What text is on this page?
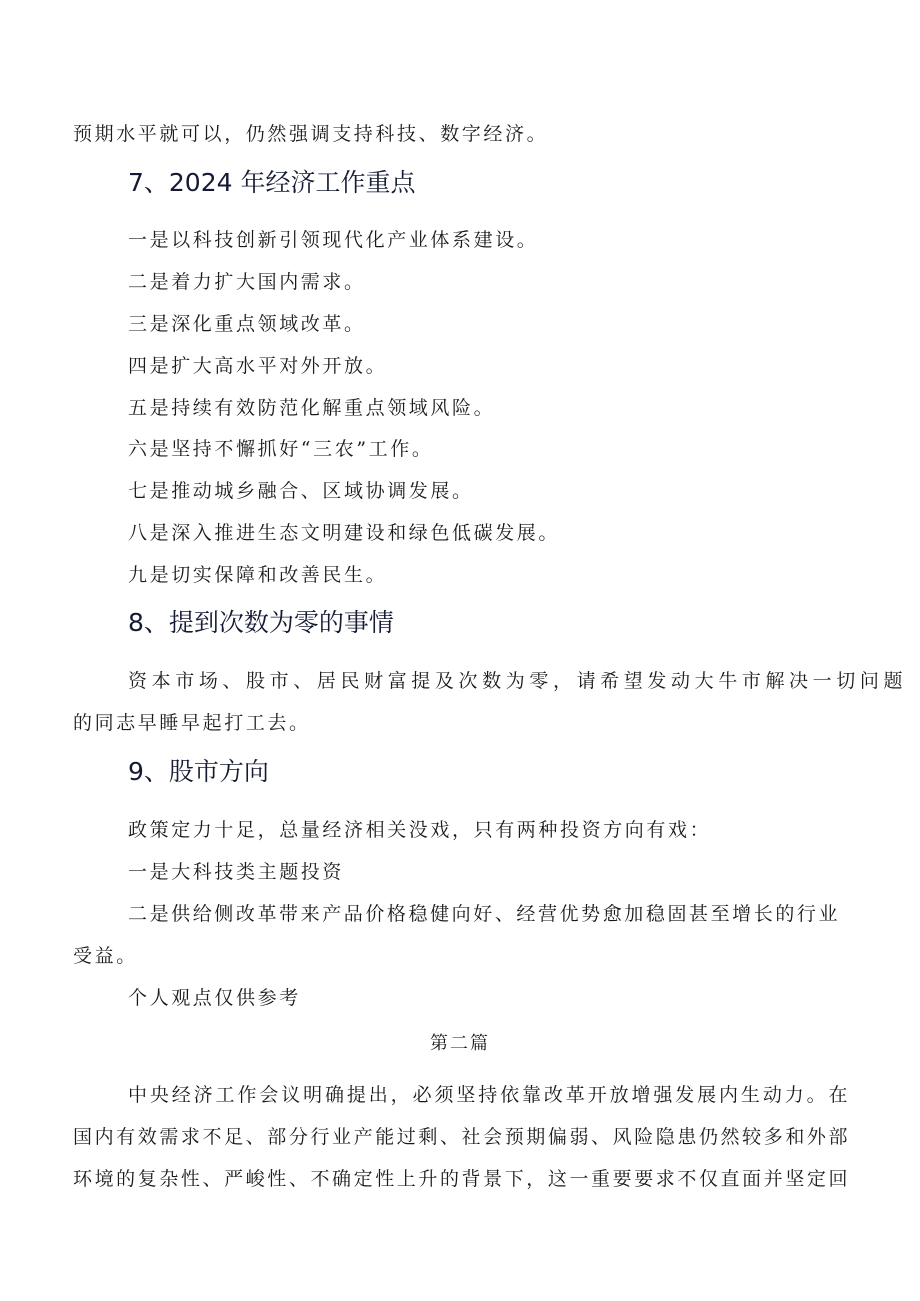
预期水平就可以，仍然强调支持科技、数字经济。
7、2024 年经济工作重点
一是以科技创新引领现代化产业体系建设。
二是着力扩大国内需求。
三是深化重点领域改革。
四是扩大高水平对外开放。
五是持续有效防范化解重点领域风险。
六是坚持不懈抓好“三农”工作。
七是推动城乡融合、区域协调发展。
八是深入推进生态文明建设和绿色低碳发展。
九是切实保障和改善民生。
8、提到次数为零的事情
资本市场、股市、居民财富提及次数为零，请希望发动大牛市解决一切问题
的同志早睡早起打工去。
9、股市方向
政策定力十足，总量经济相关没戏，只有两种投资方向有戏：
一是大科技类主题投资
二是供给侧改革带来产品价格稳健向好、经营优势愈加稳固甚至增长的行业
受益。
个人观点仅供参考
第二篇
中央经济工作会议明确提出，必须坚持依靠改革开放增强发展内生动力。在
国内有效需求不足、部分行业产能过剩、社会预期偏弱、风险隐患仍然较多和外部
环境的复杂性、严峻性、不确定性上升的背景下，这一重要要求不仅直面并坚定回
